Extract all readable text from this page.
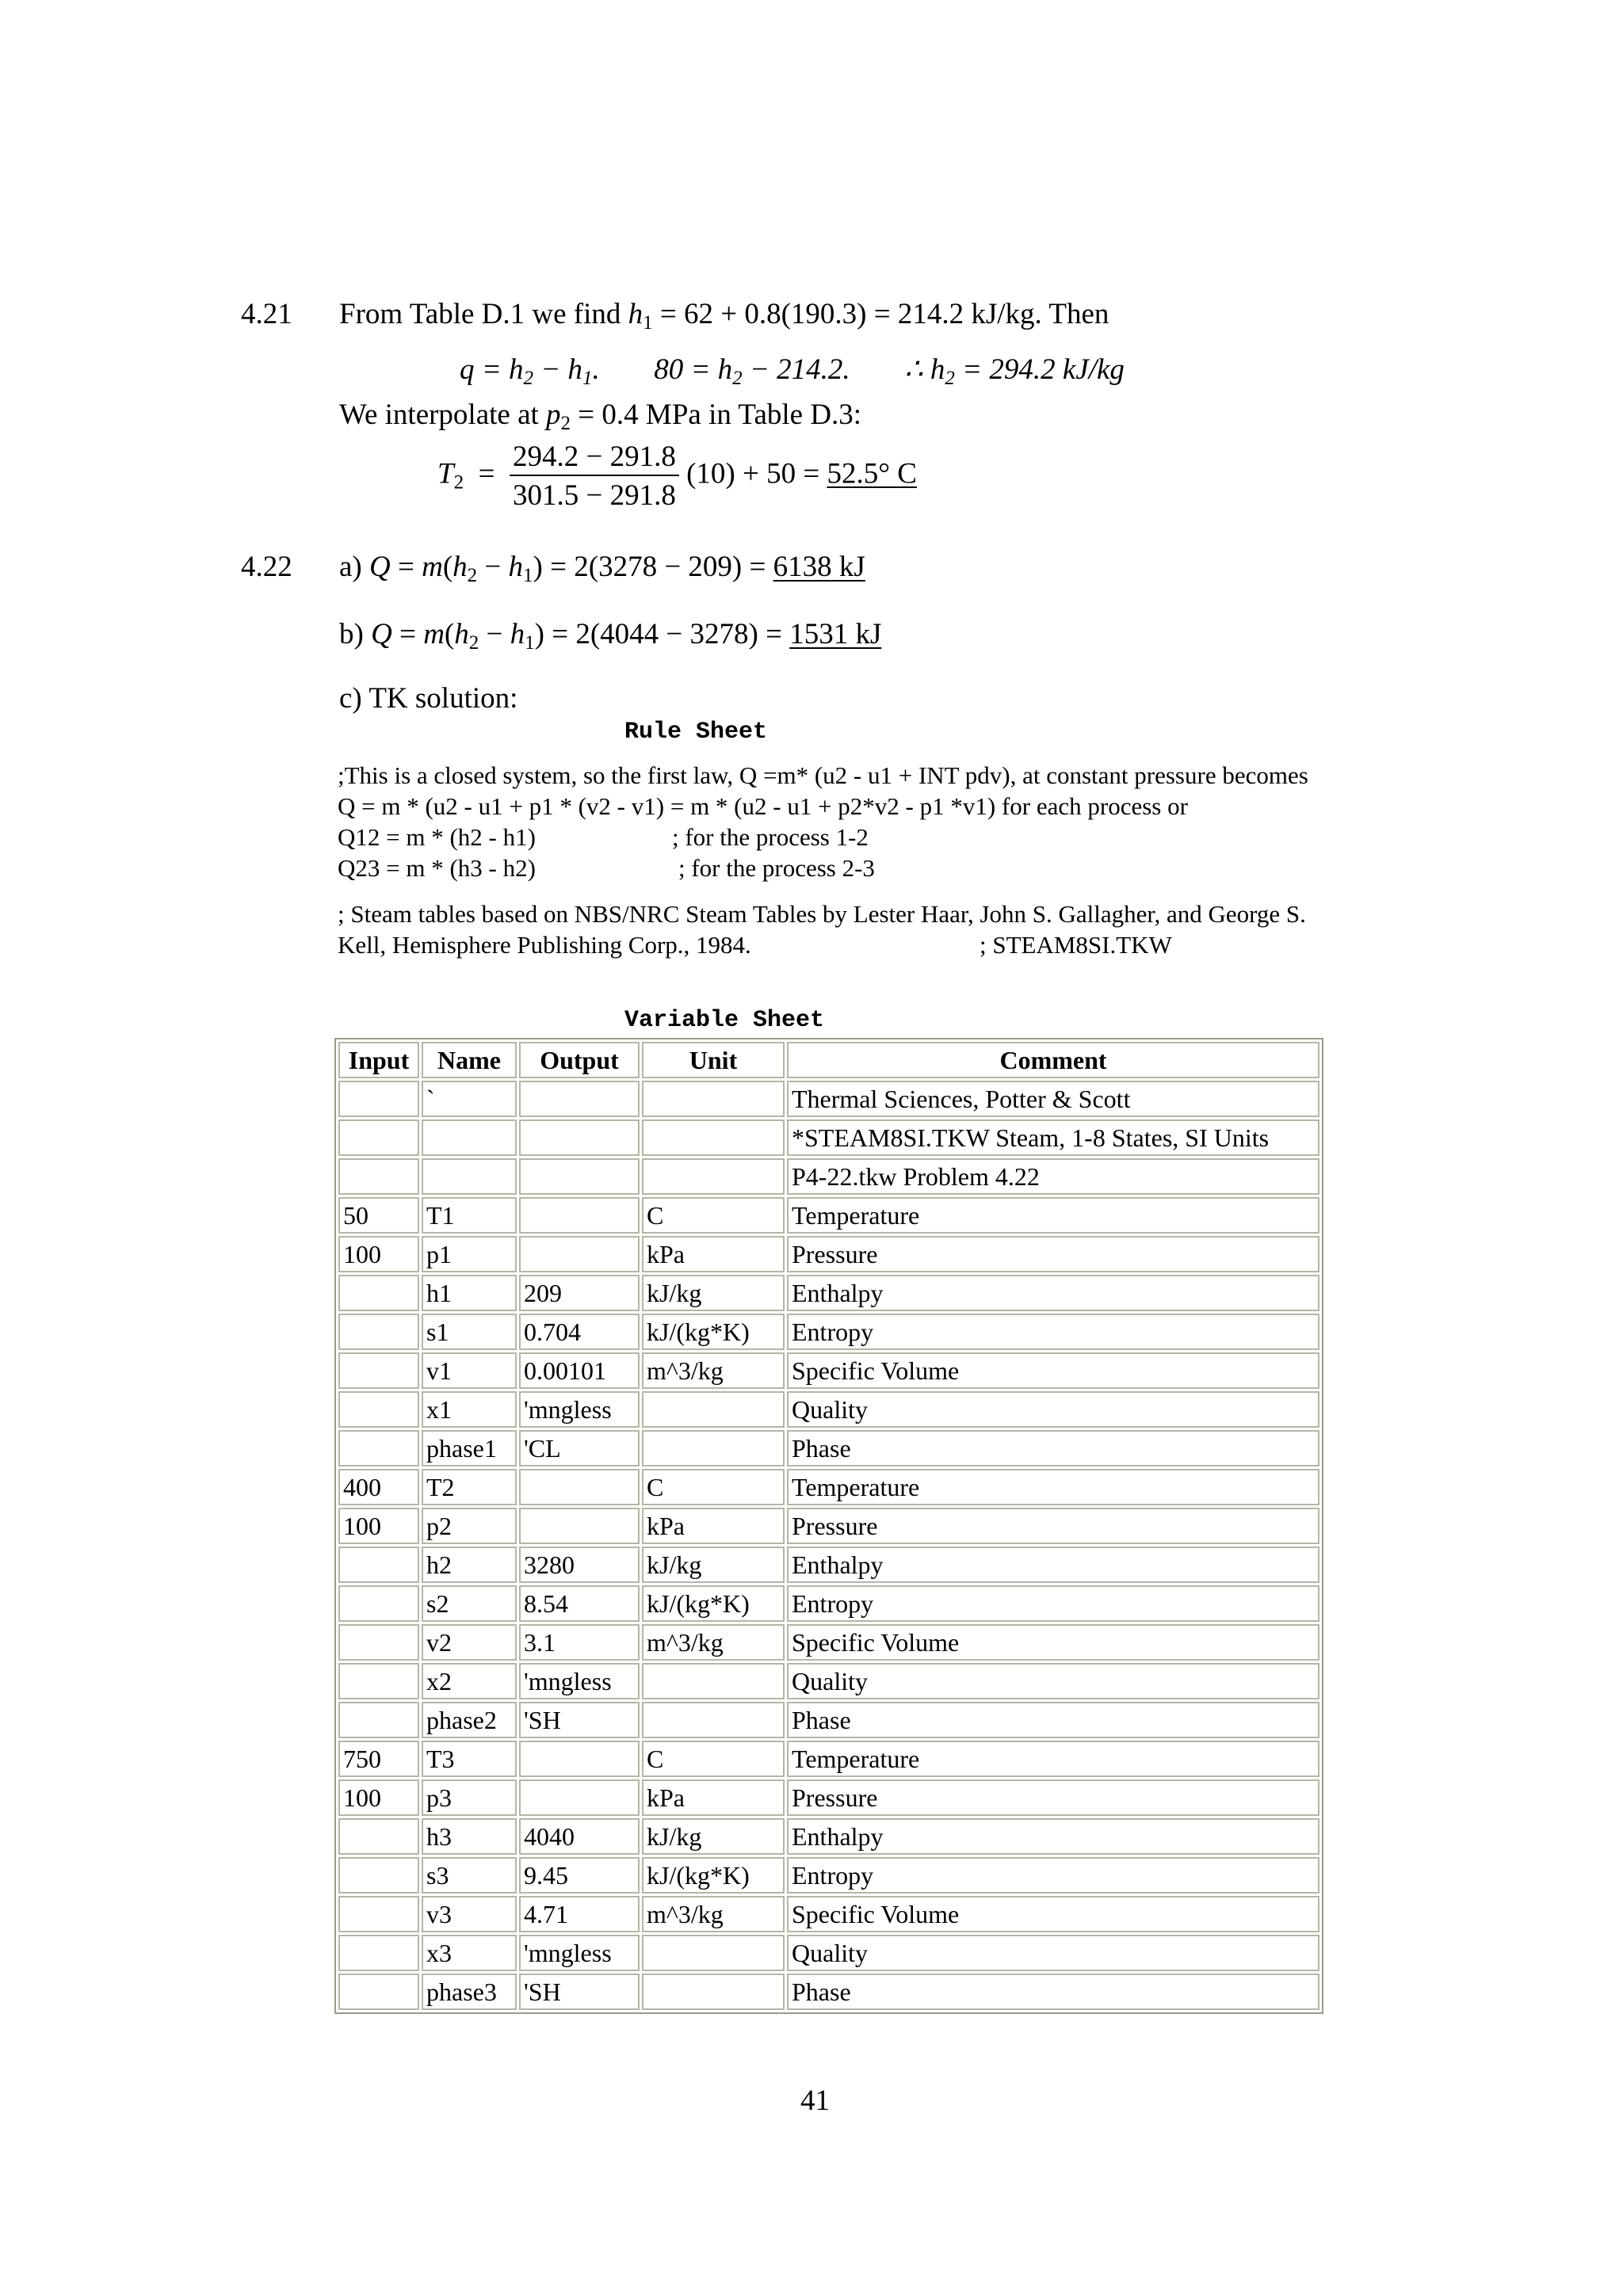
4.21 From Table D.1 we find $h_1 = 62 + 0.8(190.3) = 214.2$ kJ/kg. Then
$q = h_2 - h_1$. $80 = h_2 - 214.2$. ∴ $h_2 = 294.2$ kJ/kg
We interpolate at $p_2 = 0.4$ MPa in Table D.3:
$T_2 = \frac{294.2 - 291.8}{301.5 - 291.8} (10) + 50 = 52.5^\circ$ C
4.22 a) $Q = m(h_2 - h_1) = 2(3278 - 209) = 6138$ kJ
b) $Q = m(h_2 - h_1) = 2(4044 - 3278) = 1531$ kJ
c) TK solution:
Rule Sheet
;This is a closed system, so the first law, Q =m* (u2 - u1 + INT pdv), at constant pressure becomes
Q = m * (u2 - u1 + p1 * (v2 - v1) = m * (u2 - u1 + p2*v2 - p1 *v1) for each process or
Q12 = m * (h2 - h1)	; for the process 1-2
Q23 = m * (h3 - h2)	; for the process 2-3
; Steam tables based on NBS/NRC Steam Tables by Lester Haar, John S. Gallagher, and George S.
Kell, Hemisphere Publishing Corp., 1984.	; STEAM8SI.TKW
Variable Sheet
Input	Name	Output	Unit	Comment
	`			Thermal Sciences, Potter & Scott
				*STEAM8SI.TKW Steam, 1-8 States, SI Units
				P4-22.tkw Problem 4.22
50	T1		C	Temperature
100	p1		kPa	Pressure
	h1	209	kJ/kg	Enthalpy
	s1	0.704	kJ/(kg*K)	Entropy
	v1	0.00101	m^3/kg	Specific Volume
	x1	'mngless		Quality
	phase1	'CL		Phase
400	T2		C	Temperature
100	p2		kPa	Pressure
	h2	3280	kJ/kg	Enthalpy
	s2	8.54	kJ/(kg*K)	Entropy
	v2	3.1	m^3/kg	Specific Volume
	x2	'mngless		Quality
	phase2	'SH		Phase
750	T3		C	Temperature
100	p3		kPa	Pressure
	h3	4040	kJ/kg	Enthalpy
	s3	9.45	kJ/(kg*K)	Entropy
	v3	4.71	m^3/kg	Specific Volume
	x3	'mngless		Quality
	phase3	'SH		Phase
41
